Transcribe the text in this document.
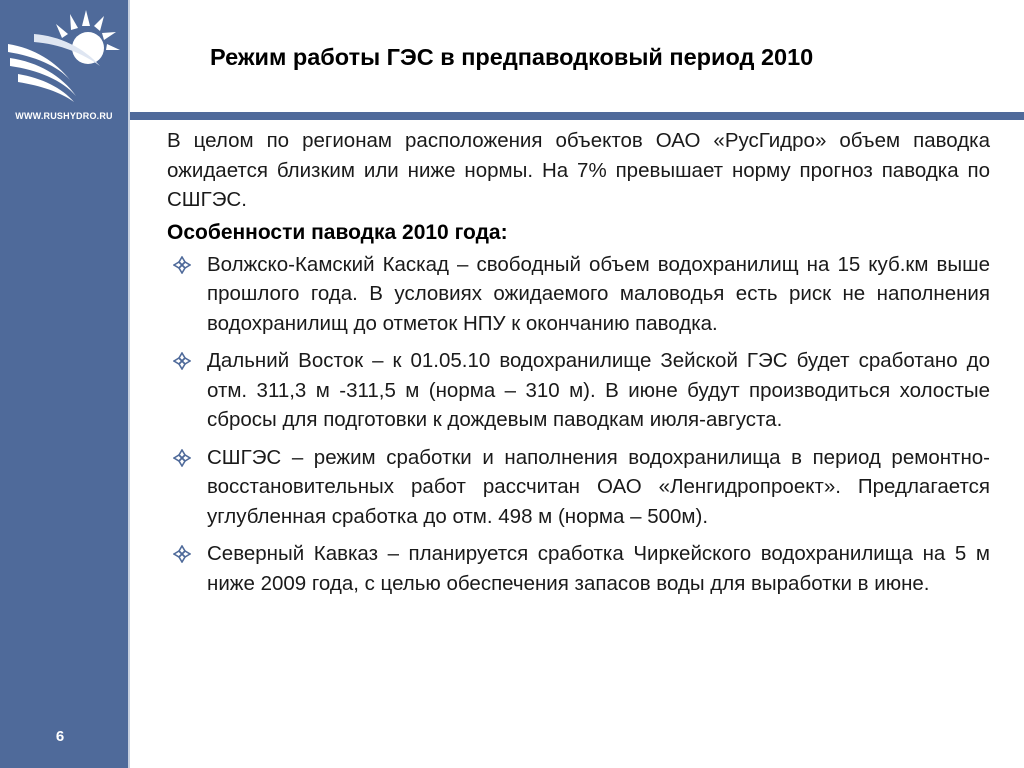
WWW.RUSHYDRO.RU
6
Режим работы ГЭС в предпаводковый период 2010

В целом по регионам расположения объектов ОАО «РусГидро» объем паводка ожидается близким или ниже нормы. На 7% превышает норму прогноз паводка по СШГЭС.

Особенности паводка 2010 года:
Волжско-Камский Каскад – свободный объем водохранилищ на 15 куб.км выше прошлого года. В условиях ожидаемого маловодья есть риск не наполнения водохранилищ до отметок НПУ к окончанию паводка.
Дальний Восток – к 01.05.10 водохранилище Зейской ГЭС будет сработано до отм. 311,3 м -311,5 м (норма – 310 м). В июне будут производиться холостые сбросы для подготовки к дождевым паводкам июля-августа.
СШГЭС – режим сработки и наполнения водохранилища в период ремонтно-восстановительных работ рассчитан ОАО «Ленгидропроект». Предлагается углубленная сработка до отм. 498 м (норма – 500м).
Северный Кавказ – планируется сработка Чиркейского водохранилища на 5 м ниже 2009 года, с целью обеспечения запасов воды для выработки в июне.
